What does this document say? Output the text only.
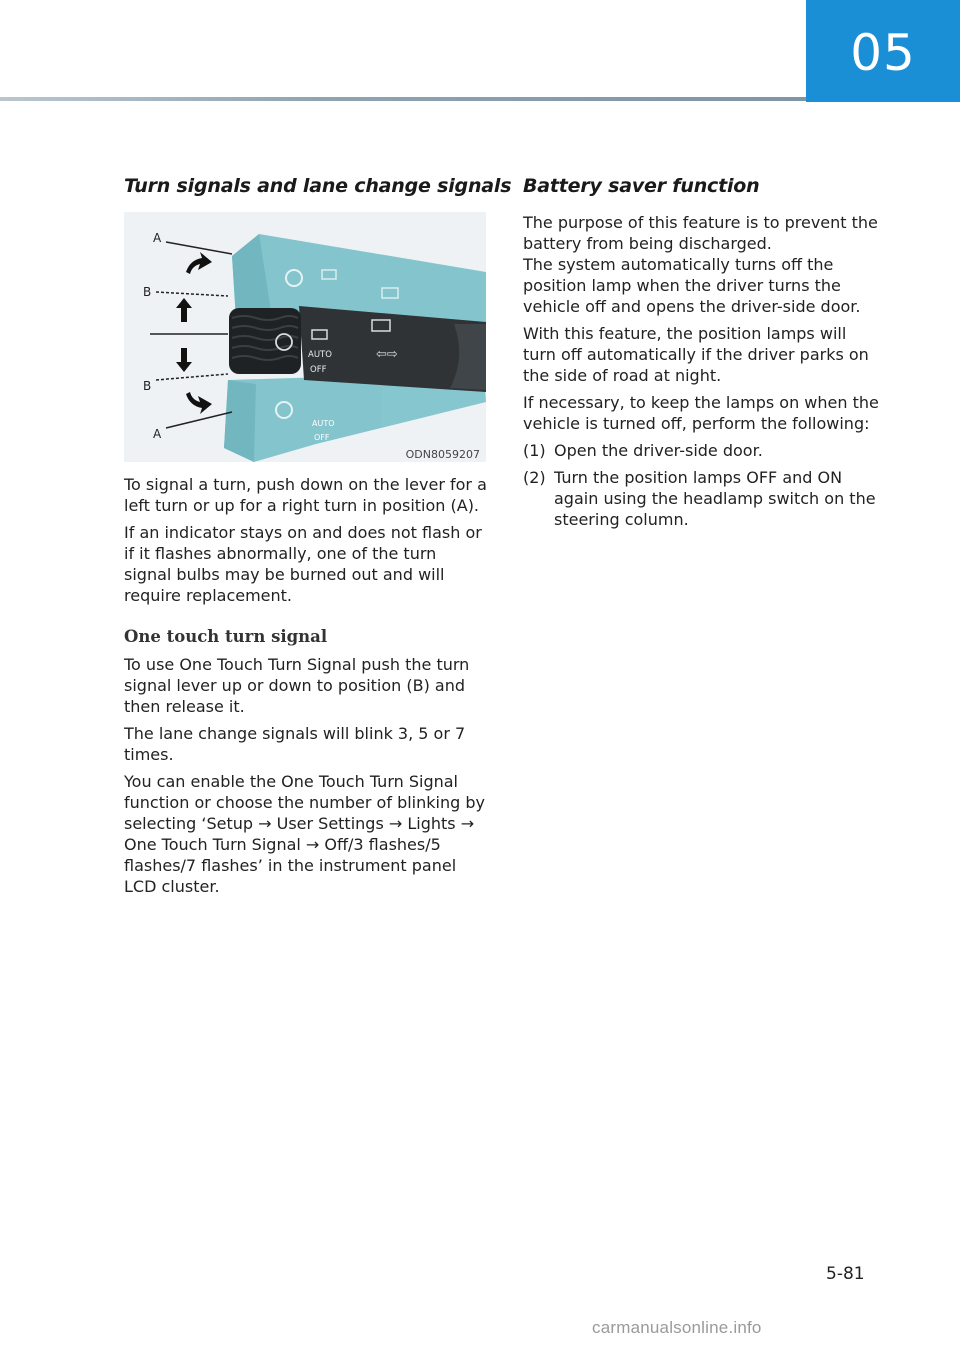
05
Turn signals and lane change signals
AUTO
OFF
AUTO
OFF
⇦⇨
A
B
B
A
ODN8059207

To signal a turn, push down on the lever for a left turn or up for a right turn in position (A).

If an indicator stays on and does not flash or if it flashes abnormally, one of the turn signal bulbs may be burned out and will require replacement.

One touch turn signal

To use One Touch Turn Signal push the turn signal lever up or down to position (B) and then release it.

The lane change signals will blink 3, 5 or 7 times.

You can enable the One Touch Turn Signal function or choose the number of blinking by selecting ‘Setup → User Settings → Lights → One Touch Turn Signal → Off/3 flashes/5 flashes/7 flashes’ in the instrument panel LCD cluster.

Battery saver function

The purpose of this feature is to prevent the battery from being discharged.

The system automatically turns off the position lamp when the driver turns the vehicle off and opens the driver-side door.

With this feature, the position lamps will turn off automatically if the driver parks on the side of road at night.

If necessary, to keep the lamps on when the vehicle is turned off, perform the following:

(1) Open the driver-side door.
(2) Turn the position lamps OFF and ON again using the headlamp switch on the steering column.
5-81
carmanualsonline.info
